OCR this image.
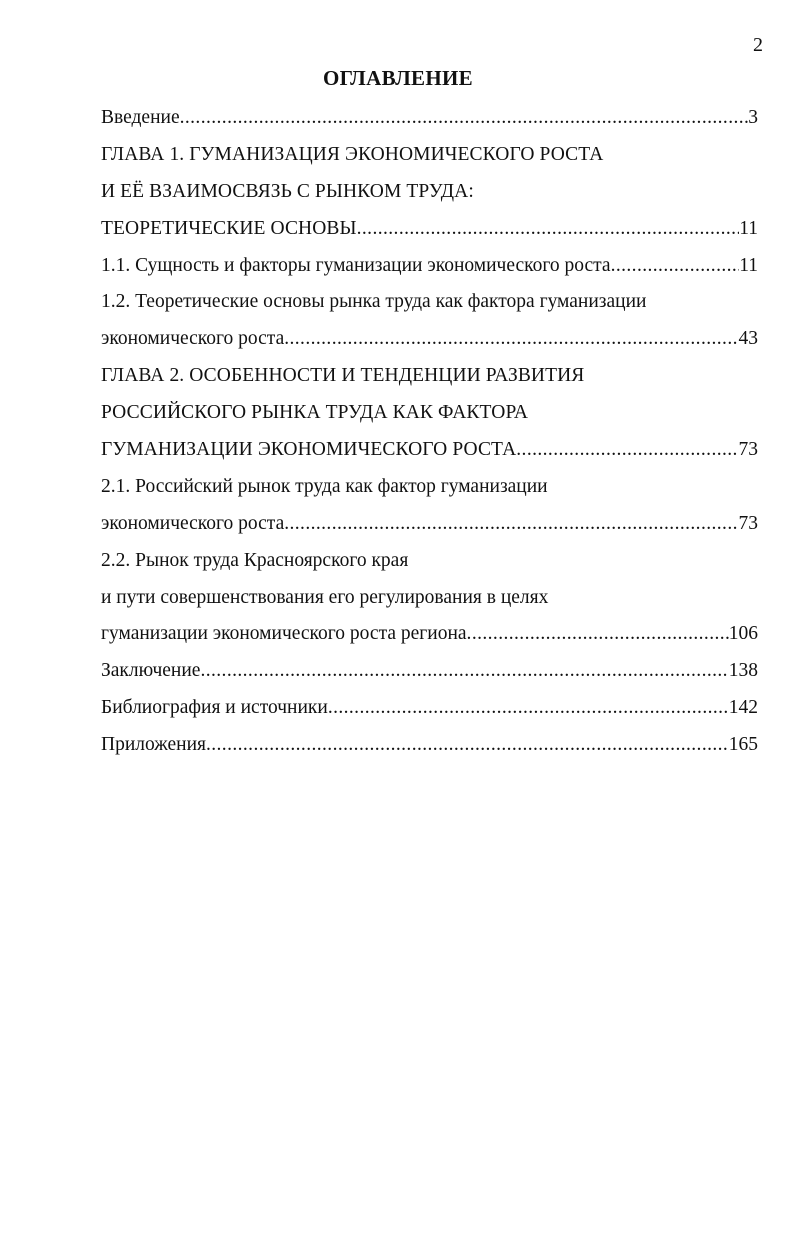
2
ОГЛАВЛЕНИЕ
Введение .....	3
ГЛАВА 1. ГУМАНИЗАЦИЯ ЭКОНОМИЧЕСКОГО РОСТА
И ЕЁ ВЗАИМОСВЯЗЬ С РЫНКОМ ТРУДА:
ТЕОРЕТИЧЕСКИЕ ОСНОВЫ .....	11
1.1. Сущность и факторы гуманизации экономического роста .....	11
1.2. Теоретические основы рынка труда как фактора гуманизации
экономического роста .....	43
ГЛАВА 2. ОСОБЕННОСТИ И ТЕНДЕНЦИИ РАЗВИТИЯ
РОССИЙСКОГО РЫНКА ТРУДА КАК ФАКТОРА
ГУМАНИЗАЦИИ ЭКОНОМИЧЕСКОГО РОСТА .....	73
2.1. Российский рынок труда как фактор гуманизации
экономического роста .....	73
2.2. Рынок труда Красноярского края
и пути совершенствования его регулирования в целях
гуманизации экономического роста региона .....	106
Заключение .....	138
Библиография и источники .....	142
Приложения .....	165
